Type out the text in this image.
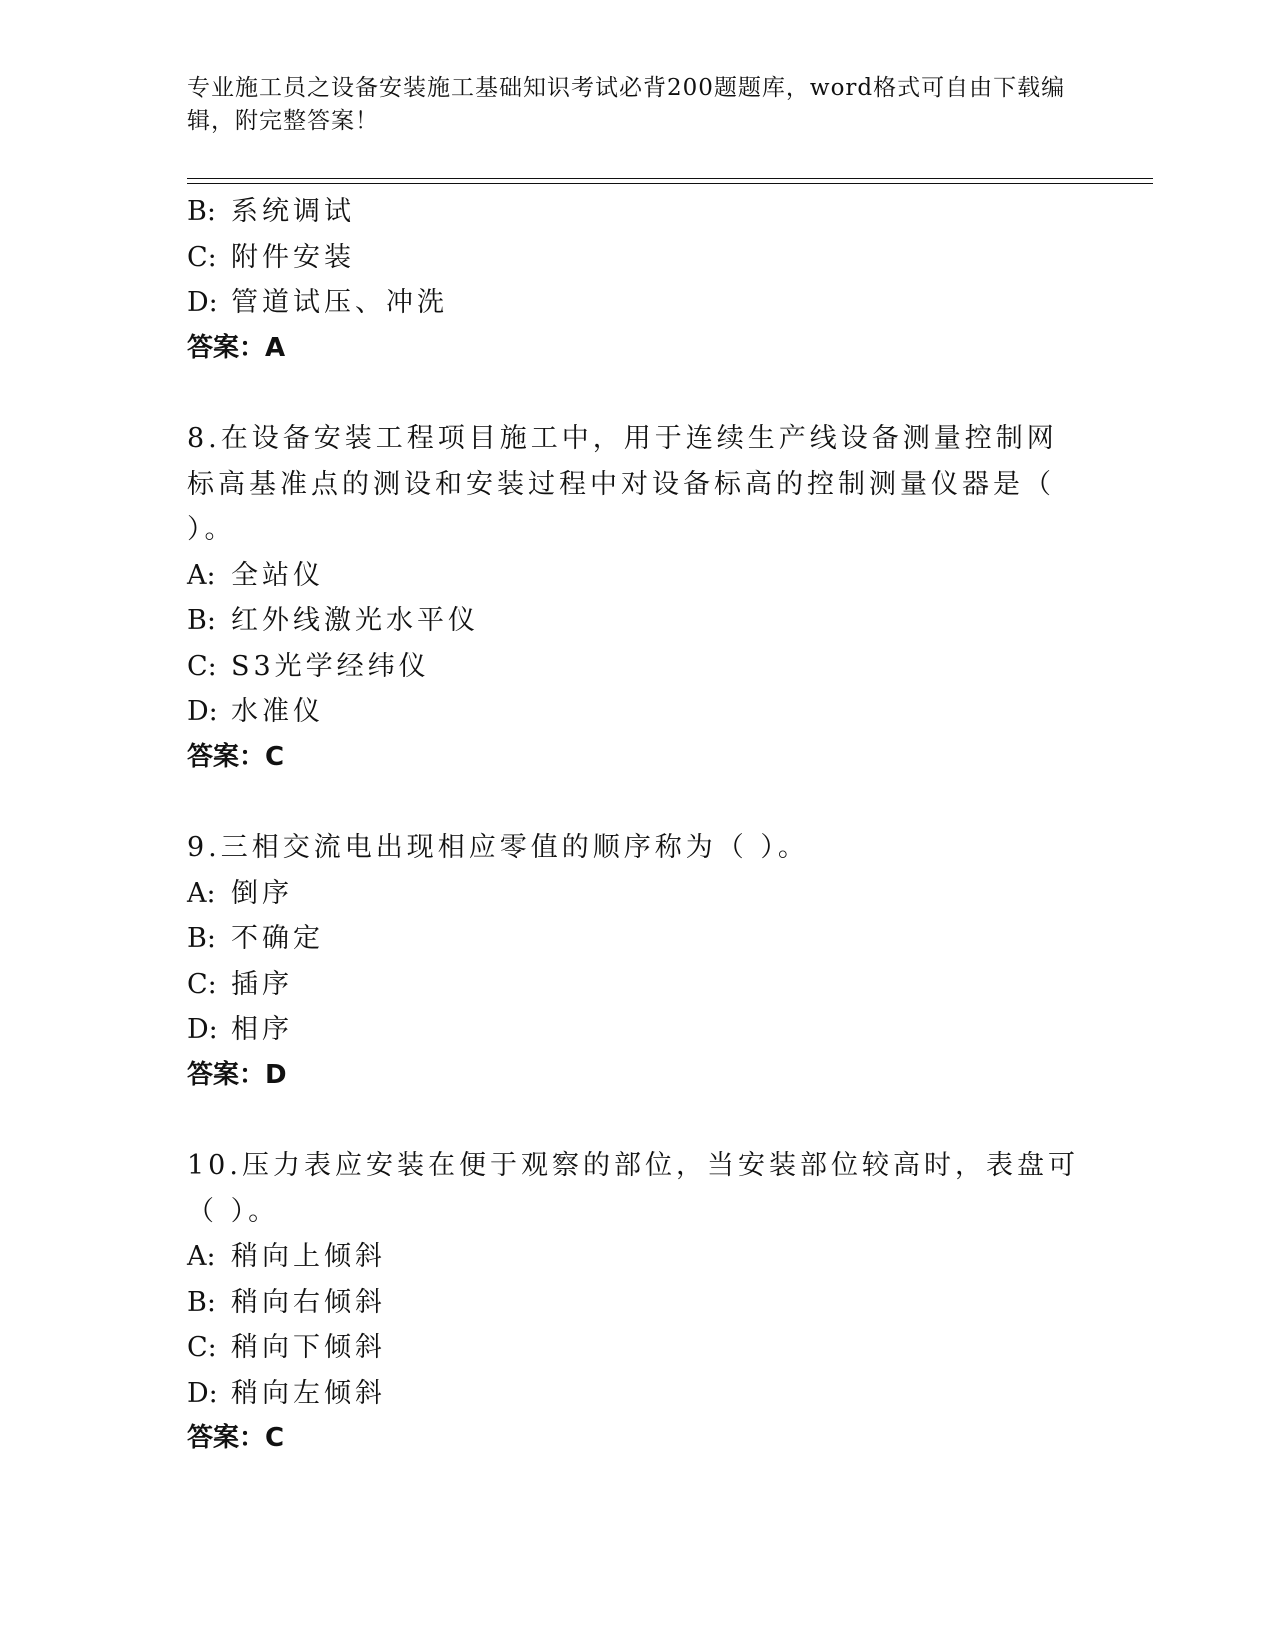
专业施工员之设备安装施工基础知识考试必背200题题库，word格式可自由下载编辑，附完整答案！
B: 系统调试
C: 附件安装
D: 管道试压、冲洗
答案：A
8.在设备安装工程项目施工中，用于连续生产线设备测量控制网标高基准点的测设和安装过程中对设备标高的控制测量仪器是（ ）。
A: 全站仪
B: 红外线激光水平仪
C: S3光学经纬仪
D: 水准仪
答案：C
9.三相交流电出现相应零值的顺序称为（ ）。
A: 倒序
B: 不确定
C: 插序
D: 相序
答案：D
10.压力表应安装在便于观察的部位，当安装部位较高时，表盘可（ ）。
A: 稍向上倾斜
B: 稍向右倾斜
C: 稍向下倾斜
D: 稍向左倾斜
答案：C
